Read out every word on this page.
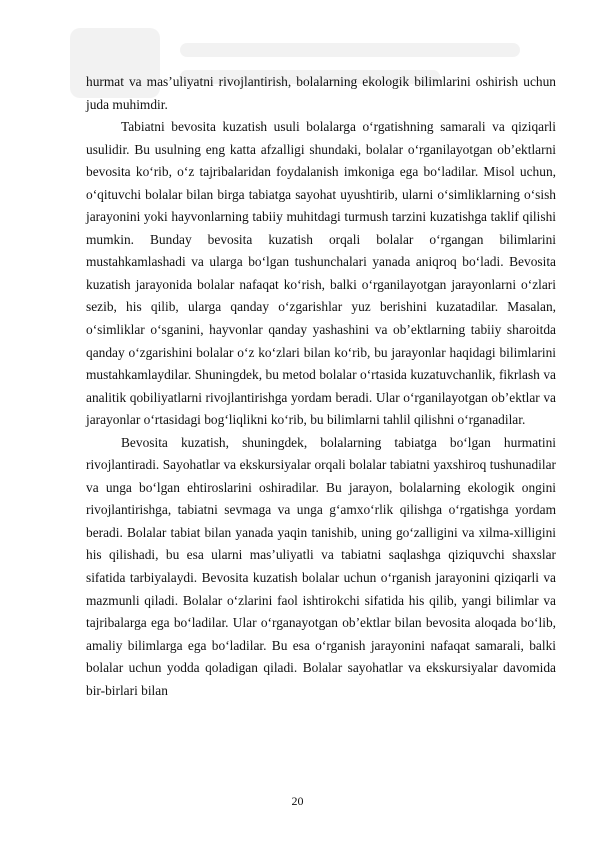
hurmat va mas’uliyatni rivojlantirish, bolalarning ekologik bilimlarini oshirish uchun juda muhimdir.

Tabiatni bevosita kuzatish usuli bolalarga o‘rgatishning samarali va qiziqarli usulidir. Bu usulning eng katta afzalligi shundaki, bolalar o‘rganilayotgan ob’ektlarni bevosita ko‘rib, o‘z tajribalaridan foydalanish imkoniga ega bo‘ladilar. Misol uchun, o‘qituvchi bolalar bilan birga tabiatga sayohat uyushtirib, ularni o‘simliklarning o‘sish jarayonini yoki hayvonlarning tabiiy muhitdagi turmush tarzini kuzatishga taklif qilishi mumkin. Bunday bevosita kuzatish orqali bolalar o‘rgangan bilimlarini mustahkamlashadi va ularga bo‘lgan tushunchalari yanada aniqroq bo‘ladi. Bevosita kuzatish jarayonida bolalar nafaqat ko‘rish, balki o‘rganilayotgan jarayonlarni o‘zlari sezib, his qilib, ularga qanday o‘zgarishlar yuz berishini kuzatadilar. Masalan, o‘simliklar o‘sganini, hayvonlar qanday yashashini va ob’ektlarning tabiiy sharoitda qanday o‘zgarishini bolalar o‘z ko‘zlari bilan ko‘rib, bu jarayonlar haqidagi bilimlarini mustahkamlaydilar. Shuningdek, bu metod bolalar o‘rtasida kuzatuvchanlik, fikrlash va analitik qobiliyatlarni rivojlantirishga yordam beradi. Ular o‘rganilayotgan ob’ektlar va jarayonlar o‘rtasidagi bog‘liqlikni ko‘rib, bu bilimlarni tahlil qilishni o‘rganadilar.

Bevosita kuzatish, shuningdek, bolalarning tabiatga bo‘lgan hurmatini rivojlantiradi. Sayohatlar va ekskursiyalar orqali bolalar tabiatni yaxshiroq tushunadilar va unga bo‘lgan ehtiroslarini oshiradilar. Bu jarayon, bolalarning ekologik ongini rivojlantirishga, tabiatni sevmaga va unga g‘amxo‘rlik qilishga o‘rgatishga yordam beradi. Bolalar tabiat bilan yanada yaqin tanishib, uning go‘zalligini va xilma-xilligini his qilishadi, bu esa ularni mas’uliyatli va tabiatni saqlashga qiziquvchi shaxslar sifatida tarbiyalaydi. Bevosita kuzatish bolalar uchun o‘rganish jarayonini qiziqarli va mazmunli qiladi. Bolalar o‘zlarini faol ishtirokchi sifatida his qilib, yangi bilimlar va tajribalarga ega bo‘ladilar. Ular o‘rganayotgan ob’ektlar bilan bevosita aloqada bo‘lib, amaliy bilimlarga ega bo‘ladilar. Bu esa o‘rganish jarayonini nafaqat samarali, balki bolalar uchun yodda qoladigan qiladi. Bolalar sayohatlar va ekskursiyalar davomida bir-birlari bilan

20
